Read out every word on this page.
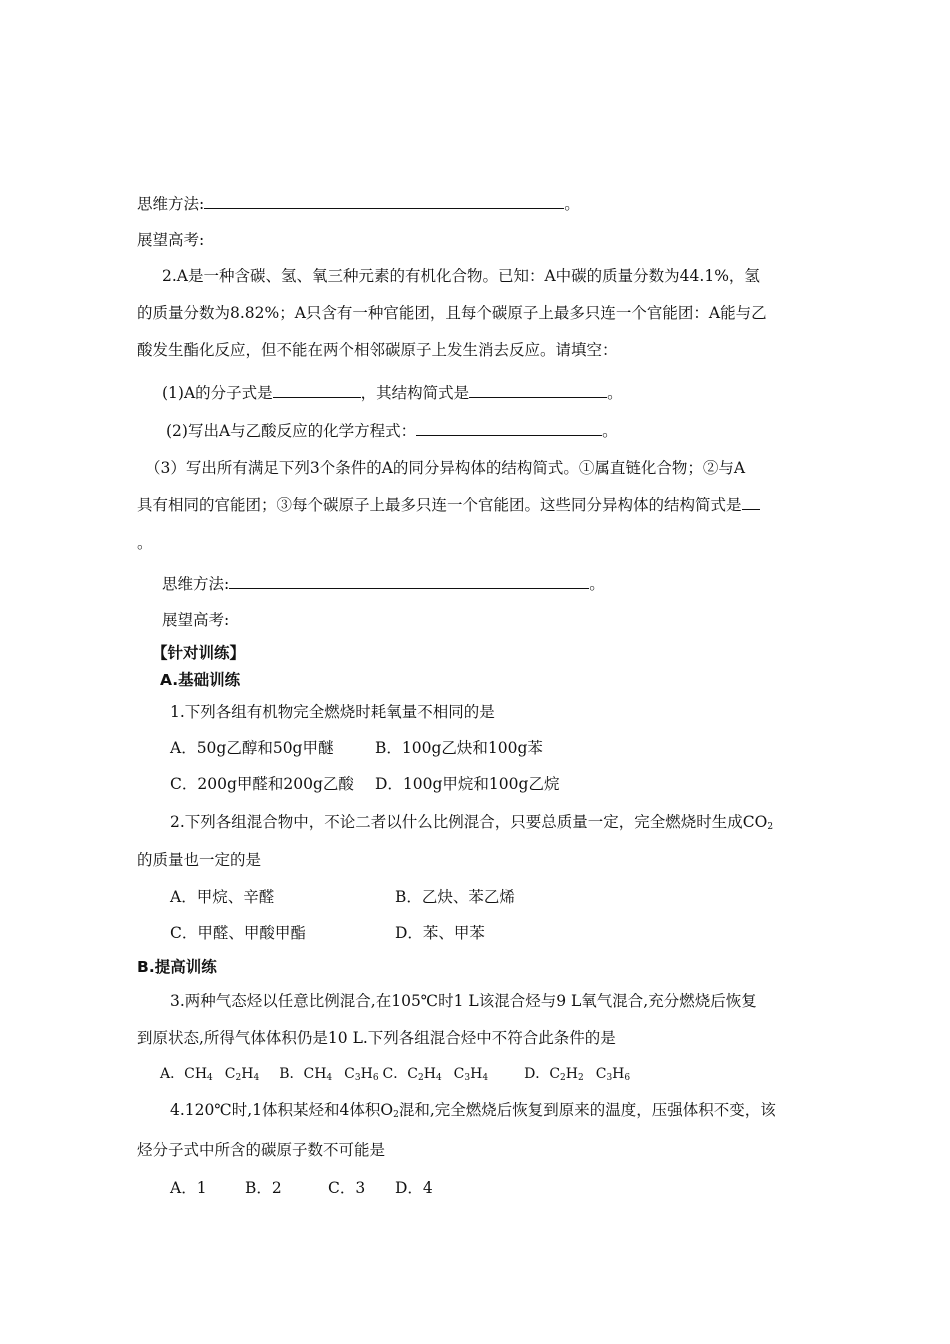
思维方法:	。
展望高考:
2.A是一种含碳、氢、氧三种元素的有机化合物。已知：A中碳的质量分数为44.1%，氢
的质量分数为8.82%；A只含有一种官能团，且每个碳原子上最多只连一个官能团：A能与乙
酸发生酯化反应，但不能在两个相邻碳原子上发生消去反应。请填空：
(1)A的分子式是	，其结构简式是	。
(2)写出A与乙酸反应的化学方程式：	。
（3）写出所有满足下列3个条件的A的同分异构体的结构简式。①属直链化合物；②与A
具有相同的官能团；③每个碳原子上最多只连一个官能团。这些同分异构体的结构简式是
。
思维方法:	。
展望高考:
【针对训练】
A.基础训练
1.下列各组有机物完全燃烧时耗氧量不相同的是
A．50g乙醇和50g甲醚	B．100g乙炔和100g苯
C．200g甲醛和200g乙酸 D．100g甲烷和100g乙烷
2.下列各组混合物中，不论二者以什么比例混合，只要总质量一定，完全燃烧时生成$CO_2$
的质量也一定的是
A．甲烷、辛醛	B．乙炔、苯乙烯
C．甲醛、甲酸甲酯	D．苯、甲苯
B.提高训练
3.两种气态烃以任意比例混合,在105℃时1 L该混合烃与9 L氧气混合,充分燃烧后恢复
到原状态,所得气体体积仍是10 L.下列各组混合烃中不符合此条件的是
A．$CH_4$ $C_2H_4$ B．$CH_4$ $C_3H_6$ C．$C_2H_4$ $C_3H_4$	D．$C_2H_2$ $C_3H_6$
4.120℃时,1体积某烃和4体积$O_2$混和,完全燃烧后恢复到原来的温度，压强体积不变，该
烃分子式中所含的碳原子数不可能是
A．1 B．2	C．3 D．4
